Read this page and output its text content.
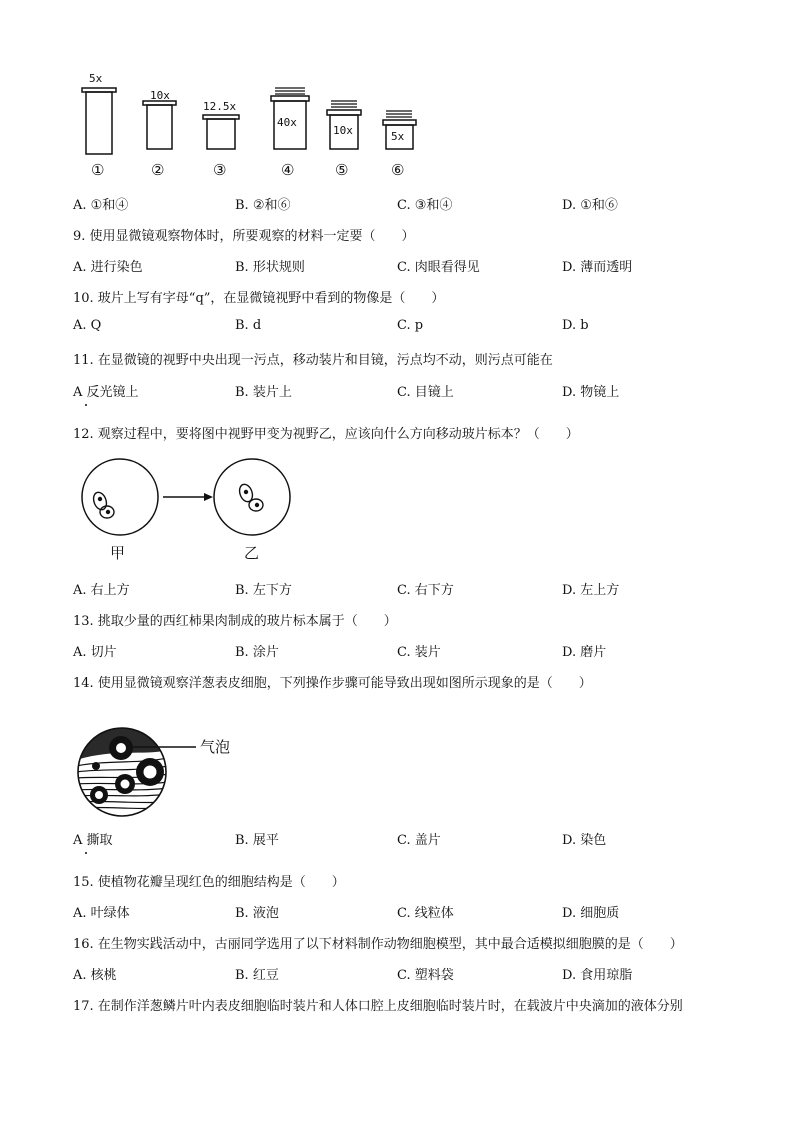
5x
10x
12.5x
40x
10x	5x
①	②	③	④	⑤	⑥
A. ①和④	B. ②和⑥	C. ③和④	D. ①和⑥
9. 使用显微镜观察物体时，所要观察的材料一定要（　　）
A. 进行染色	B. 形状规则	C. 肉眼看得见	D. 薄而透明
10. 玻片上写有字母“q”，在显微镜视野中看到的物像是（　　）
A. Q	B. d	C. p	D. b
11. 在显微镜的视野中央出现一污点，移动装片和目镜，污点均不动，则污点可能在
A 反光镜上	B. 装片上	C. 目镜上	D. 物镜上
12. 观察过程中，要将图中视野甲变为视野乙，应该向什么方向移动玻片标本？（　　）
甲	乙
A. 右上方	B. 左下方	C. 右下方	D. 左上方
13. 挑取少量的西红柿果肉制成的玻片标本属于（　　）
A. 切片	B. 涂片	C. 装片	D. 磨片
14. 使用显微镜观察洋葱表皮细胞，下列操作步骤可能导致出现如图所示现象的是（　　）
气泡
A 撕取	B. 展平	C. 盖片	D. 染色
15. 使植物花瓣呈现红色的细胞结构是（　　）
A. 叶绿体	B. 液泡	C. 线粒体	D. 细胞质
16. 在生物实践活动中，古丽同学选用了以下材料制作动物细胞模型，其中最合适模拟细胞膜的是（　　）
A. 核桃	B. 红豆	C. 塑料袋	D. 食用琼脂
17. 在制作洋葱鳞片叶内表皮细胞临时装片和人体口腔上皮细胞临时装片时，在载波片中央滴加的液体分别
